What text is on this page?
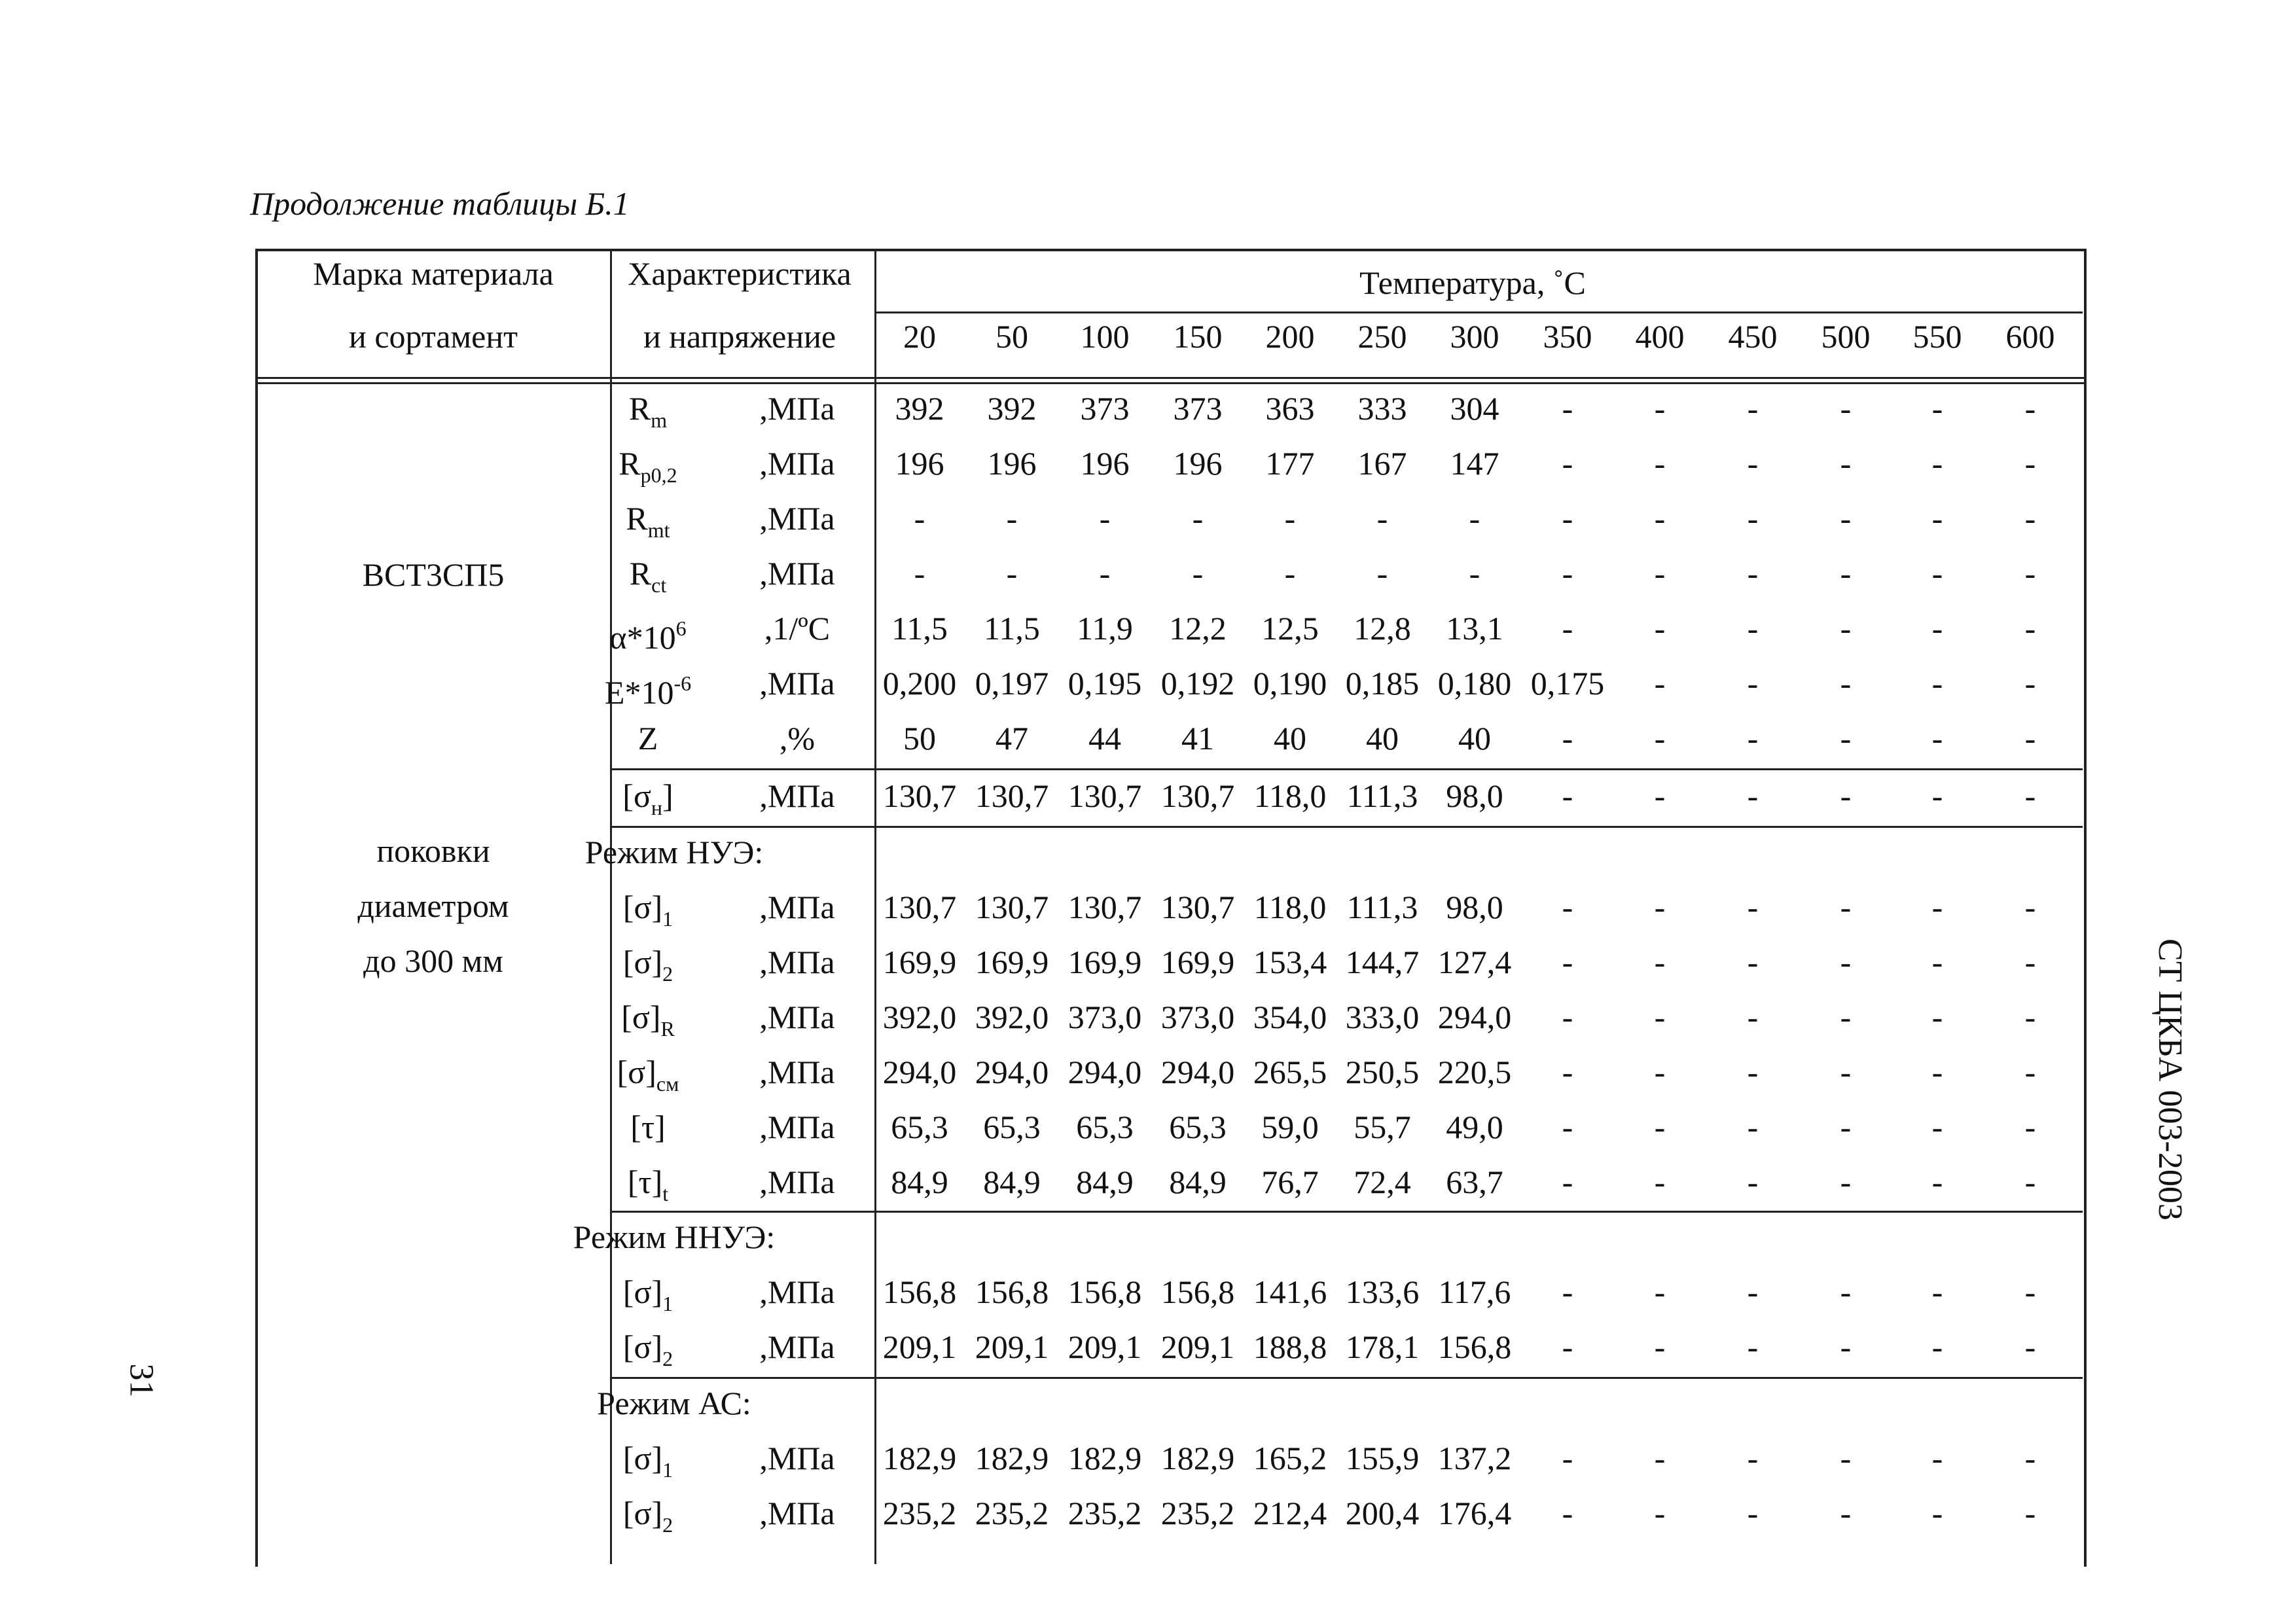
Продолжение таблицы Б.1
20 50 100 150 200 250 300 350 400 450 500 550 600
$R_m$	,МПа 392 392 373 373 363 333 304 - -	-	- -	-
$R_{p0,2}$	,МПа 196 196 196 196 177 167 147 - -	-	- -	-
$R_{mt}$	,МПа - -	-	- - - -	- -	-	- -	-
$R_{ct}$	,МПа - -	-	- - - -	- -	-	- -	-
$\alpha*10^6$ ,1/ºС 11,5 11,5 11,9 12,2 12,5 12,8 13,1 - -	-	- -	-
$E*10^{-6}$ ,МПа 0,200 0,197 0,195 0,192 0,190 0,185 0,180 0,175 -	-	- -	-
Z	,%	50 47 44 41 40 40 40 - -	-	- -	-
$[\sigma_н]$	,МПа 130,7 130,7 130,7 130,7 118,0 111,3 98,0 - -	-	- -	-
Режим НУЭ:
$[\sigma]_1$	,МПа 130,7 130,7 130,7 130,7 118,0 111,3 98,0 - -	-	- -	-
$[\sigma]_2$	,МПа 169,9 169,9 169,9 169,9 153,4 144,7 127,4 - -	-	- -	-
$[\sigma]_R$	,МПа 392,0 392,0 373,0 373,0 354,0 333,0 294,0 - -	-	- -	-
$[\sigma]_{см}$ ,МПа 294,0 294,0 294,0 294,0 265,5 250,5 220,5 - -	-	- -	-
[τ]	,МПа 65,3 65,3 65,3 65,3 59,0 55,7 49,0 - -	-	- -	-
$[\tau]_t$	,МПа 84,9 84,9 84,9 84,9 76,7 72,4 63,7 - -	-	- -	-
Режим ННУЭ:
$[\sigma]_1$	,МПа 156,8 156,8 156,8 156,8 141,6 133,6 117,6 - -	-	- -	-
$[\sigma]_2$	,МПа 209,1 209,1 209,1 209,1 188,8 178,1 156,8 - -	-	- -	-
Режим АС:
$[\sigma]_1$	,МПа 182,9 182,9 182,9 182,9 165,2 155,9 137,2 - -	-	- -	-
$[\sigma]_2$	,МПа 235,2 235,2 235,2 235,2 212,4 200,4 176,4 - -	-	- -	-
Марка материала
и сортамент
Характеристика
и напряжение
Температура, ˚С
ВСТ3СП5
поковки
диаметром
до 300 мм	СТ ЦКБА 003-2003
31
